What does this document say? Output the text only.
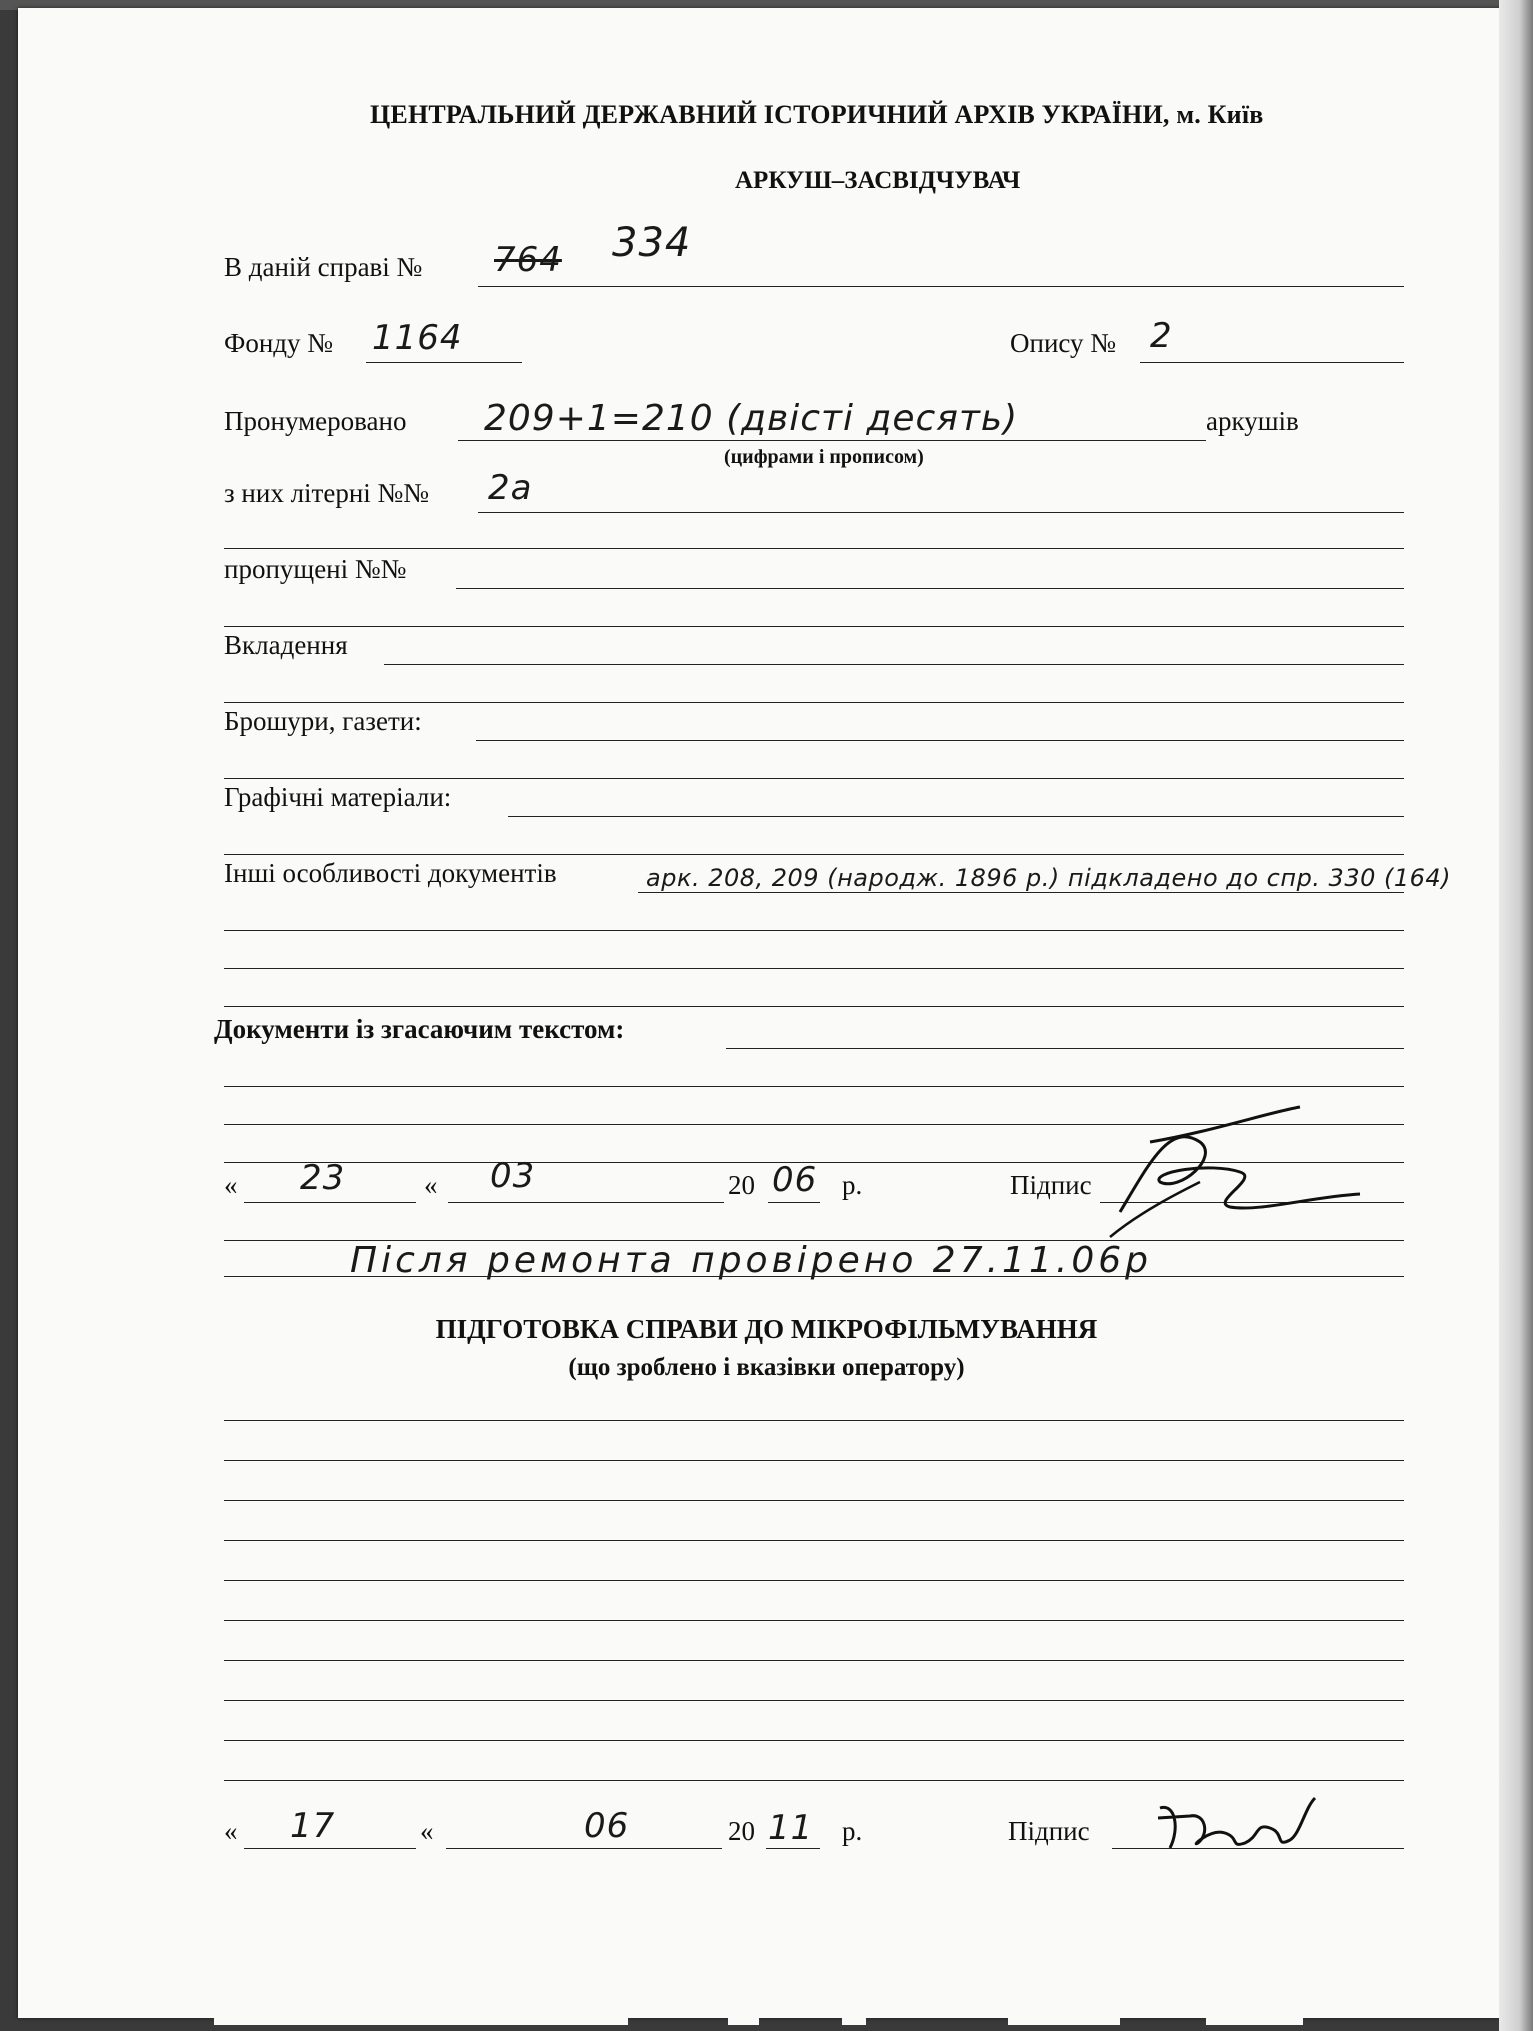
ЦЕНТРАЛЬНИЙ ДЕРЖАВНИЙ ІСТОРИЧНИЙ АРХІВ УКРАЇНИ, м. Київ
АРКУШ–ЗАСВІДЧУВАЧ
В даній справі № 764 334
Фонду № 1164	Опису № 2
Пронумеровано 209+1=210 (двісті десять)	аркушів
(цифрами і прописом)
з них літерні №№ 2а
пропущені №№
Вкладення
Брошури, газети:
Графічні матеріали:
Інші особливості документів	арк. 208, 209 (народж. 1896 р.) підкладено до спр. 330 (164)
Документи із згасаючим текстом:
« 23	« 03	20 06 р.	Підпис
Після ремонта провірено 27.11.06р
ПІДГОТОВКА СПРАВИ ДО МІКРОФІЛЬМУВАННЯ
(що зроблено і вказівки оператору)
« 17	«	06	20 11 р.	Підпис
